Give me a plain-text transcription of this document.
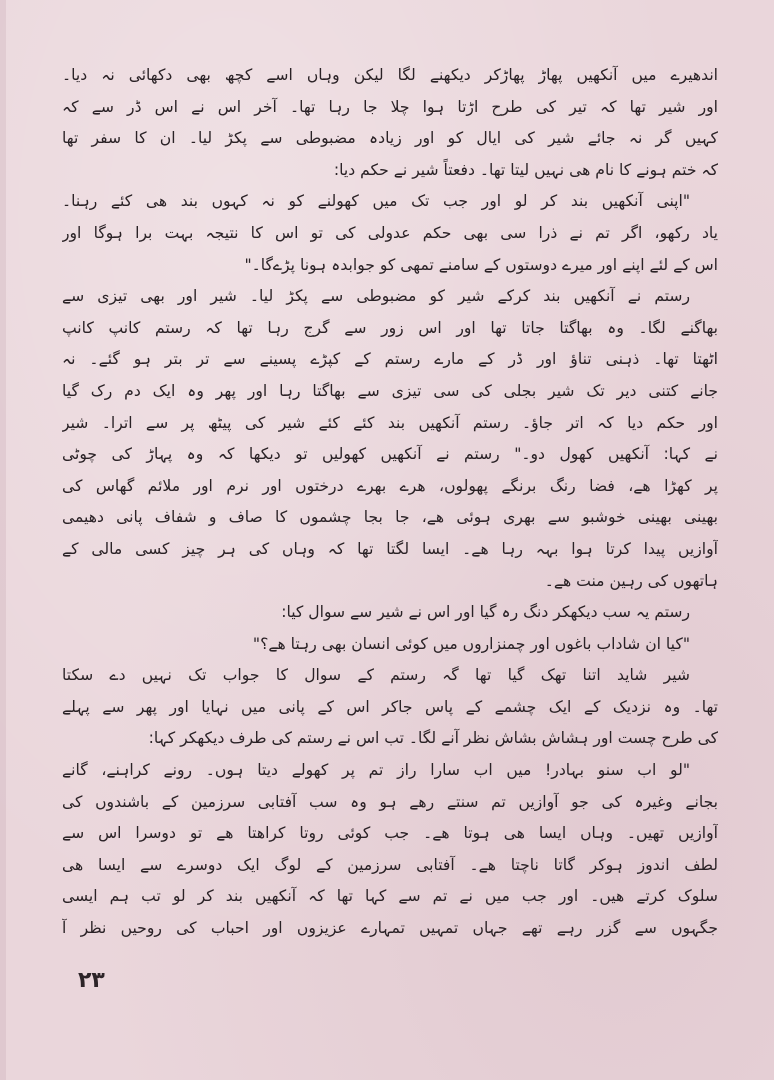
اندھیرے میں آنکھیں پھاڑ پھاڑکر دیکھنے لگا لیکن وہاں اسے کچھ بھی دکھائی نہ دیا۔
اور شیر تھا کہ تیر کی طرح اڑتا ہوا چلا جا رہا تھا۔ آخر اس نے اس ڈر سے کہ
کہیں گر نہ جائے شیر کی ایال کو اور زیادہ مضبوطی سے پکڑ لیا۔ ان کا سفر تھا
کہ ختم ہونے کا نام ھی نہیں لیتا تھا۔ دفعتاً شیر نے حکم دیا:
"اپنی آنکھیں بند کر لو اور جب تک میں کھولنے کو نہ کہوں بند ھی کئے رہنا۔
یاد رکھو، اگر تم نے ذرا سی بھی حکم عدولی کی تو اس کا نتیجہ بہت برا ہوگا اور
اس کے لئے اپنے اور میرے دوستوں کے سامنے تمھی کو جوابدہ ہونا پڑےگا۔"
رستم نے آنکھیں بند کرکے شیر کو مضبوطی سے پکڑ لیا۔ شیر اور بھی تیزی سے
بھاگنے لگا۔ وہ بھاگتا جاتا تھا اور اس زور سے گرج رہا تھا کہ رستم کانپ کانپ
اٹھتا تھا۔ ذہنی تناؤ اور ڈر کے مارے رستم کے کپڑے پسینے سے تر بتر ہو گئے۔ نہ
جانے کتنی دیر تک شیر بجلی کی سی تیزی سے بھاگتا رہا اور پھر وہ ایک دم رک گیا
اور حکم دیا کہ اتر جاؤ۔ رستم آنکھیں بند کئے کئے شیر کی پیٹھ پر سے اترا۔ شیر
نے کہا: آنکھیں کھول دو۔" رستم نے آنکھیں کھولیں تو دیکھا کہ وہ پہاڑ کی چوٹی
پر کھڑا ھے، فضا رنگ برنگے پھولوں، ھرے بھرے درختوں اور نرم اور ملائم گھاس کی
بھینی بھینی خوشبو سے بھری ہوئی ھے، جا بجا چشموں کا صاف و شفاف پانی دھیمی
آوازیں پیدا کرتا ہوا بہہ رہا ھے۔ ایسا لگتا تھا کہ وہاں کی ہر چیز کسی مالی کے
ہاتھوں کی رہین منت ھے۔
رستم یہ سب دیکھکر دنگ رہ گیا اور اس نے شیر سے سوال کیا:
"کیا ان شاداب باغوں اور چمنزاروں میں کوئی انسان بھی رہتا ھے؟"
شیر شاید اتنا تھک گیا تھا گہ رستم کے سوال کا جواب تک نہیں دے سکتا
تھا۔ وہ نزدیک کے ایک چشمے کے پاس جاکر اس کے پانی میں نہایا اور پھر سے پہلے
کی طرح چست اور ہشاش بشاش نظر آنے لگا۔ تب اس نے رستم کی طرف دیکھکر کہا:
"لو اب سنو بہادر! میں اب سارا راز تم پر کھولے دیتا ہوں۔ رونے کراہنے، گانے
بجانے وغیرہ کی جو آوازیں تم سنتے رھے ہو وہ سب آفتابی سرزمین کے باشندوں کی
آوازیں تھیں۔ وہاں ایسا ھی ہوتا ھے۔ جب کوئی روتا کراھتا ھے تو دوسرا اس سے
لطف اندوز ہوکر گاتا ناچتا ھے۔ آفتابی سرزمین کے لوگ ایک دوسرے سے ایسا ھی
سلوک کرتے ھیں۔ اور جب میں نے تم سے کہا تھا کہ آنکھیں بند کر لو تب ہم ایسی
جگہوں سے گزر رہے تھے جہاں تمہیں تمہارے عزیزوں اور احباب کی روحیں نظر آ
۲۳
